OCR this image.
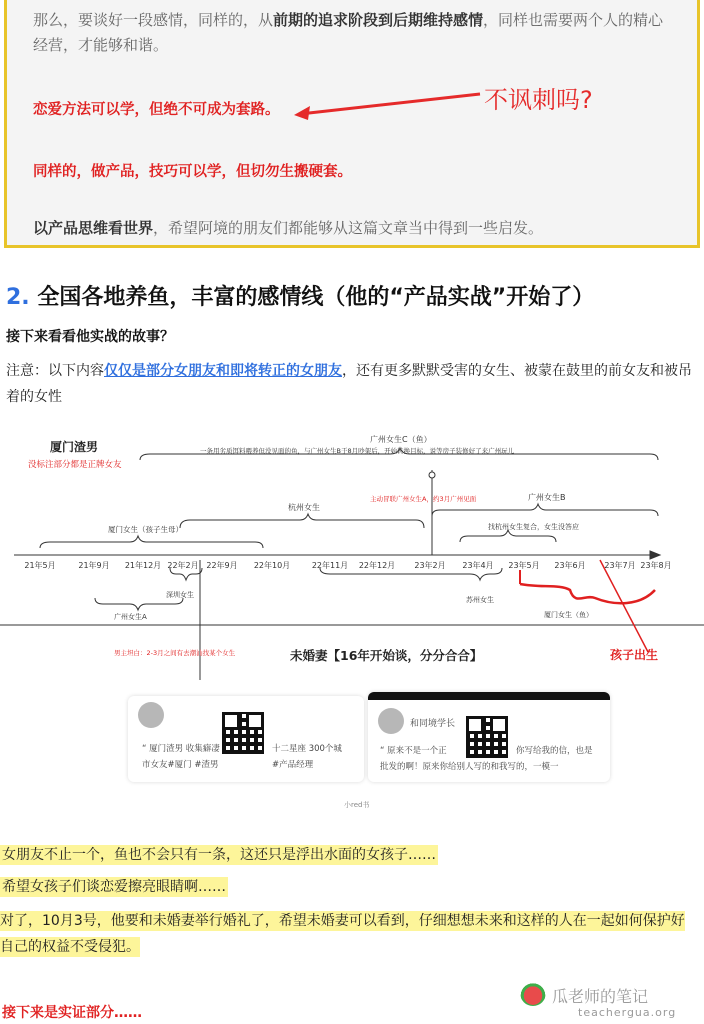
那么，要谈好一段感情，同样的，从前期的追求阶段到后期维持感情，同样也需要两个人的精心
经营，才能够和谐。
恋爱方法可以学，但绝不可成为套路。
同样的，做产品，技巧可以学，但切勿生搬硬套。
以产品思维看世界，希望阿境的朋友们都能够从这篇文章当中得到一些启发。
不讽刺吗?
2. 全国各地养鱼，丰富的感情线（他的“产品实战”开始了）
接下来看看他实战的故事？
注意：以下内容仅仅是部分女朋友和即将转正的女朋友，还有更多默默受害的女生、被蒙在鼓里的前女友和被吊着的女性
厦门渣男
没标注部分都是正牌女友
广州女生C（鱼）
一条用劣质饵料喂养但没见面的鱼，与广州女生B于8月吵架后，开始转换目标，说等房子装修好了来广州玩儿
杭州女生
主动冒联广州女生A，约3月广州见面	广州女生B
厦门女生（孩子生母）	找杭州女生复合，女生没答应
深圳女生
广州女生A
苏州女生
厦门女生（鱼）
男主坦白：2-3月之间有去潮汕找某个女生	未婚妻【16年开始谈，分分合合】	孩子出生
21年5月	21年9月 21年12月 22年2月 22年9月 22年10月	22年11月 22年12月 23年2月 23年4月 23年5月 23年6月 23年7月 23年8月
“ 厦门渣男 收集癖凄	十二星座 300个城
市女友#厦门 #渣男	#产品经理
和同境学长
“ 原来不是一个正	你写给我的信，也是
批发的啊！原来你给别人写的和我写的，一模一
小red书
女朋友不止一个，鱼也不会只有一条，这还只是浮出水面的女孩子……
希望女孩子们谈恋爱擦亮眼睛啊……
对了，10月3号，他要和未婚妻举行婚礼了，希望未婚妻可以看到，仔细想想未来和这样的人在一起如何保护好自己的权益不受侵犯。
接下来是实证部分……
瓜老师的笔记
teachergua.org
